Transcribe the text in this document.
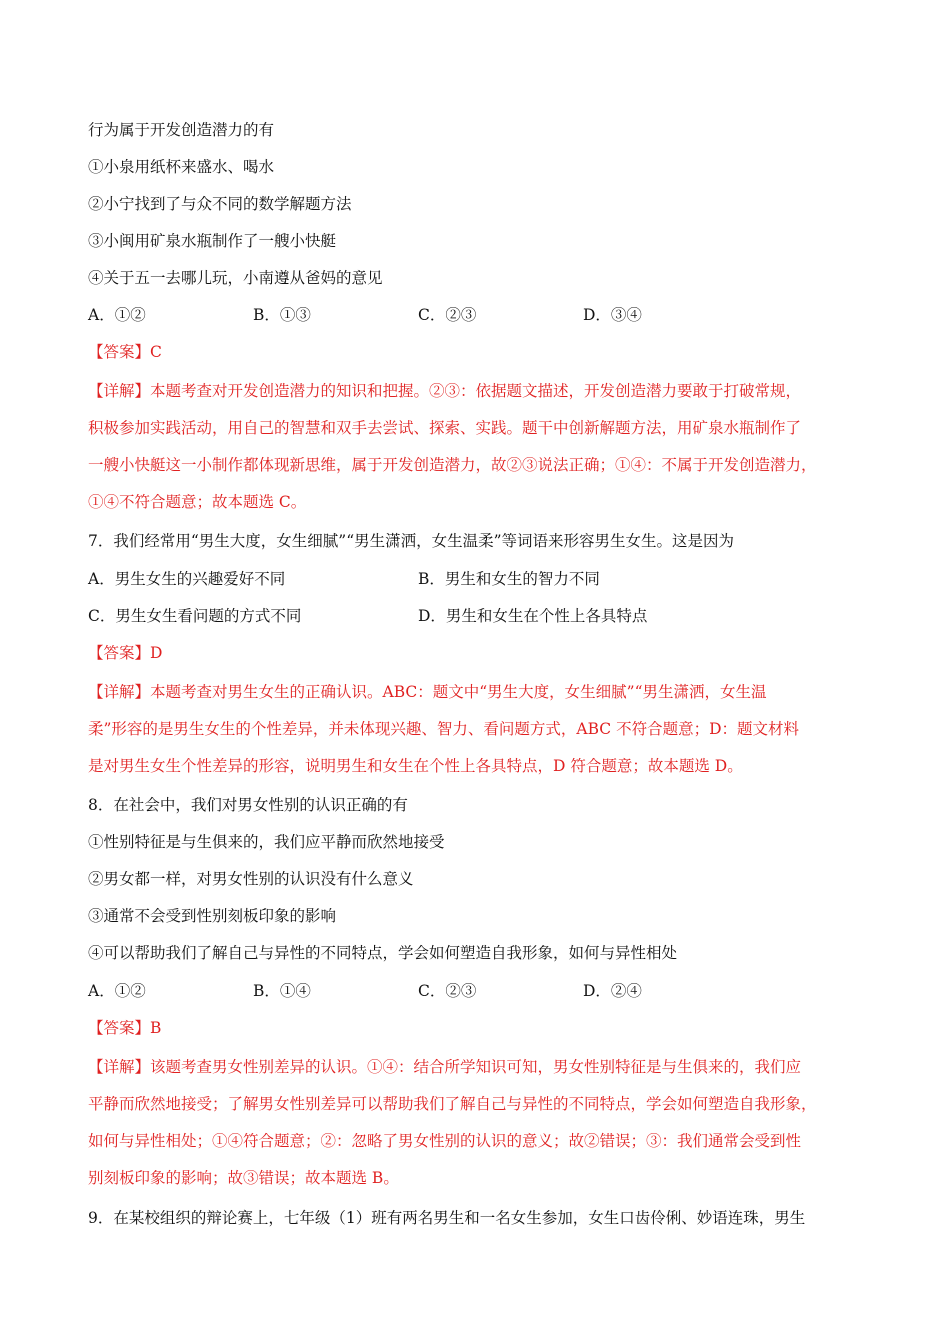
行为属于开发创造潜力的有
①小泉用纸杯来盛水、喝水
②小宁找到了与众不同的数学解题方法
③小闽用矿泉水瓶制作了一艘小快艇
④关于五一去哪儿玩，小南遵从爸妈的意见
A．①②	B．①③	C．②③	D．③④
【答案】C
【详解】本题考查对开发创造潜力的知识和把握。②③：依据题文描述，开发创造潜力要敢于打破常规，
积极参加实践活动，用自己的智慧和双手去尝试、探索、实践。题干中创新解题方法，用矿泉水瓶制作了
一艘小快艇这一小制作都体现新思维，属于开发创造潜力，故②③说法正确；①④：不属于开发创造潜力，
①④不符合题意；故本题选 C。
7．我们经常用“男生大度，女生细腻”“男生潇洒，女生温柔”等词语来形容男生女生。这是因为
A．男生女生的兴趣爱好不同	B．男生和女生的智力不同
C．男生女生看问题的方式不同	D．男生和女生在个性上各具特点
【答案】D
【详解】本题考查对男生女生的正确认识。ABC：题文中“男生大度，女生细腻”“男生潇洒，女生温
柔”形容的是男生女生的个性差异，并未体现兴趣、智力、看问题方式，ABC 不符合题意；D：题文材料
是对男生女生个性差异的形容，说明男生和女生在个性上各具特点，D 符合题意；故本题选 D。
8．在社会中，我们对男女性别的认识正确的有
①性别特征是与生俱来的，我们应平静而欣然地接受
②男女都一样，对男女性别的认识没有什么意义
③通常不会受到性别刻板印象的影响
④可以帮助我们了解自己与异性的不同特点，学会如何塑造自我形象，如何与异性相处
A．①②	B．①④	C．②③	D．②④
【答案】B
【详解】该题考查男女性别差异的认识。①④：结合所学知识可知，男女性别特征是与生俱来的，我们应
平静而欣然地接受；了解男女性别差异可以帮助我们了解自己与异性的不同特点，学会如何塑造自我形象，
如何与异性相处；①④符合题意；②：忽略了男女性别的认识的意义；故②错误；③：我们通常会受到性
别刻板印象的影响；故③错误；故本题选 B。
9．在某校组织的辩论赛上，七年级（1）班有两名男生和一名女生参加，女生口齿伶俐、妙语连珠，男生
